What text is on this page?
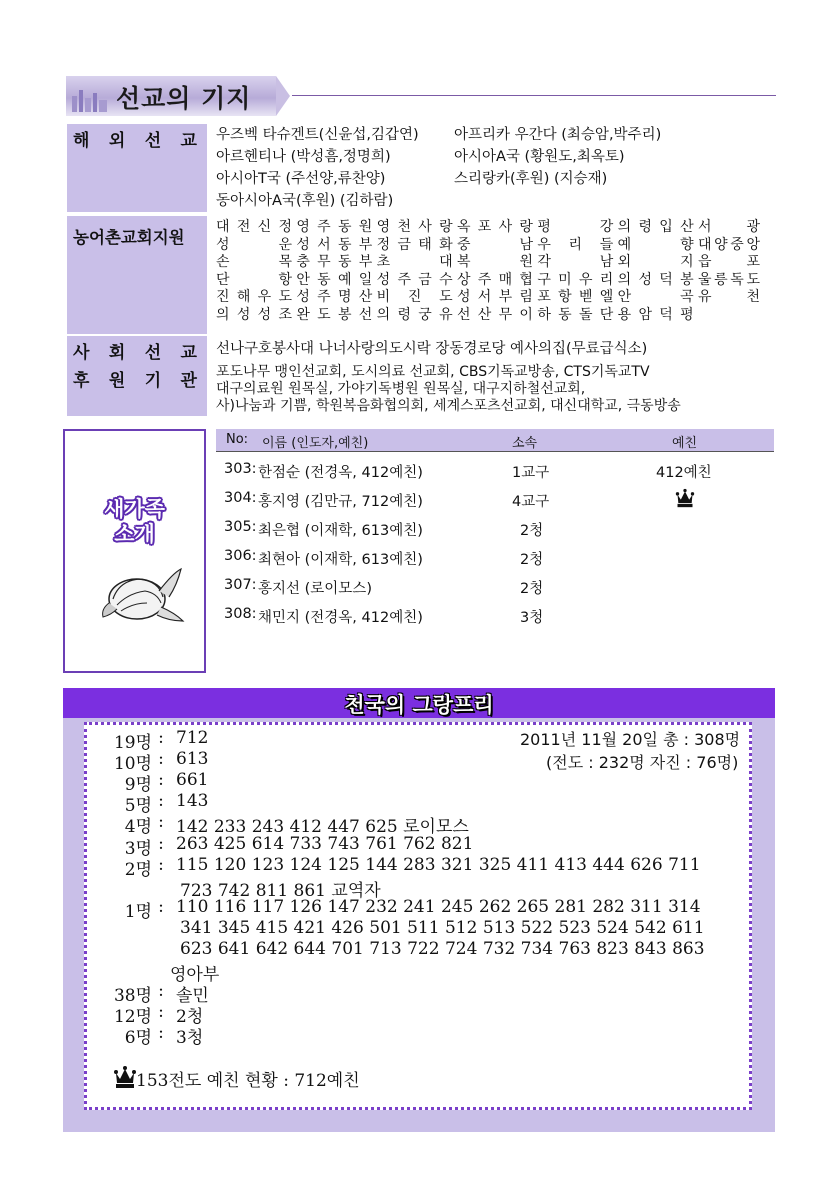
선교의 기지
해 외 선 교 우즈벡 타슈겐트(신윤섭,김갑연) 아프리카 우간다 (최승암,박주리)
아르헨티나 (박성흠,정명희)	아시아A국 (황원도,최옥토)
아시아T국 (주선양,류찬양)	스리랑카(후원) (지승재)
동아시아A국(후원) (김하람)
농어촌교회지원
대 전 신 정 영 주 동 원 영 천 사 랑 옥 포 사 랑 평	강 의 령 입 산 서 광
성	운 성 서 동 부 정 금 태 화 중	남 우 리 들 예	향 대 양 중 앙
손	목 충 무 동 부 초	대 복	원 각	남 외	지 읍 포
단	항 안 동 예 일 성 주 금 수 상 주 매 협 구 미 우 리 의 성 덕 봉 울 릉 독 도
진 해 우 도 성 주 명 산 비 진 도 성 서 부 림 포 항 벧 엘 안	곡 유 천
의 성 성 조 완 도 봉 선 의 령 궁 유 선 산 무 이 하 동 돌 단 용 암 덕 평
사 회 선 교 선나구호봉사대 나너사랑의도시락 장동경로당 예사의집(무료급식소)
후 원 기 관 포도나무 맹인선교회, 도시의료 선교회, CBS기독교방송, CTS기독교TV
대구의료원 원목실, 가야기독병원 원목실, 대구지하철선교회,
사)나눔과 기쁨, 학원복음화협의회, 세계스포츠선교회, 대신대학교, 극동방송
새가족
소개
No: 이름 (인도자,예친)	소속	예친
303: 한점순 (전경옥, 412예친)	1교구	412예친
304: 홍지영 (김만규, 712예친)	4교구
305: 최은협 (이재학, 613예친)	2청
306: 최현아 (이재학, 613예친)	2청
307: 홍지선 (로이모스)	2청
308: 채민지 (전경옥, 412예친)	3청
천국의 그랑프리
2011년 11월 20일 총 : 308명
(전도 : 232명 자진 : 76명)
19명 : 712
10명 : 613
9명 : 661
5명 : 143
4명 : 142 233 243 412 447 625 로이모스
3명 : 263 425 614 733 743 761 762 821
2명 : 115 120 123 124 125 144 283 321 325 411 413 444 626 711
723 742 811 861 교역자
1명 : 110 116 117 126 147 232 241 245 262 265 281 282 311 314
341 345 415 421 426 501 511 512 513 522 523 524 542 611
623 641 642 644 701 713 722 724 732 734 763 823 843 863
영아부
38명 : 솔민
12명 : 2청
6명 : 3청
153전도 예친 현황 : 712예친
